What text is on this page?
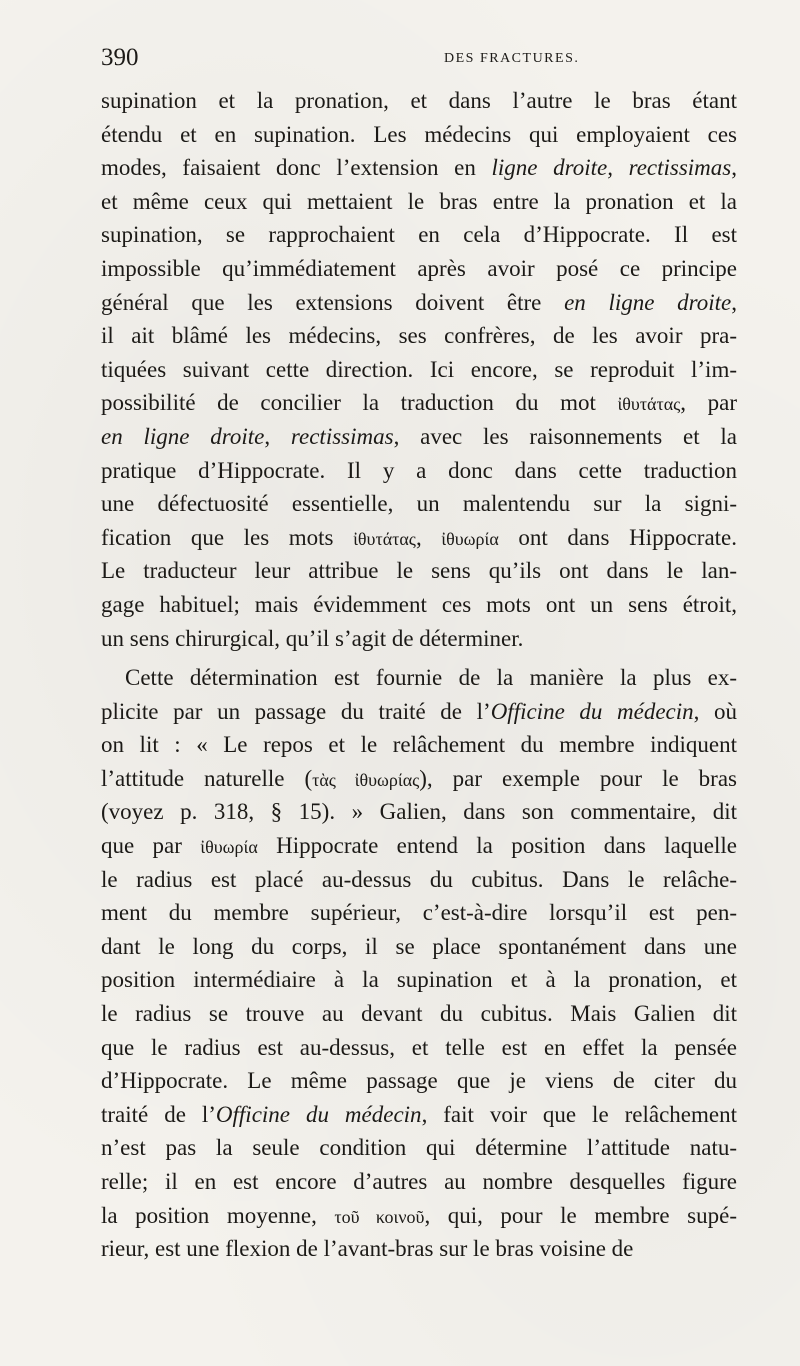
390	DES FRACTURES.
supination et la pronation, et dans l’autre le bras étant
étendu et en supination. Les médecins qui employaient ces
modes, faisaient donc l’extension en ligne droite, rectissimas,
et même ceux qui mettaient le bras entre la pronation et la
supination, se rapprochaient en cela d’Hippocrate. Il est
impossible qu’immédiatement après avoir posé ce principe
général que les extensions doivent être en ligne droite,
il ait blâmé les médecins, ses confrères, de les avoir pra-
tiquées suivant cette direction. Ici encore, se reproduit l’im-
possibilité de concilier la traduction du mot ἰθυτάτας, par
en ligne droite, rectissimas, avec les raisonnements et la
pratique d’Hippocrate. Il y a donc dans cette traduction
une défectuosité essentielle, un malentendu sur la signi-
fication que les mots ἰθυτάτας, ἰθυωρία ont dans Hippocrate.
Le traducteur leur attribue le sens qu’ils ont dans le lan-
gage habituel; mais évidemment ces mots ont un sens étroit,
un sens chirurgical, qu’il s’agit de déterminer.
Cette détermination est fournie de la manière la plus ex-
plicite par un passage du traité de l’Officine du médecin, où
on lit : « Le repos et le relâchement du membre indiquent
l’attitude naturelle (τὰς ἰθυωρίας), par exemple pour le bras
(voyez p. 318, § 15). » Galien, dans son commentaire, dit
que par ἰθυωρία Hippocrate entend la position dans laquelle
le radius est placé au-dessus du cubitus. Dans le relâche-
ment du membre supérieur, c’est-à-dire lorsqu’il est pen-
dant le long du corps, il se place spontanément dans une
position intermédiaire à la supination et à la pronation, et
le radius se trouve au devant du cubitus. Mais Galien dit
que le radius est au-dessus, et telle est en effet la pensée
d’Hippocrate. Le même passage que je viens de citer du
traité de l’Officine du médecin, fait voir que le relâchement
n’est pas la seule condition qui détermine l’attitude natu-
relle; il en est encore d’autres au nombre desquelles figure
la position moyenne, τοῦ κοινοῦ, qui, pour le membre supé-
rieur, est une flexion de l’avant-bras sur le bras voisine de
